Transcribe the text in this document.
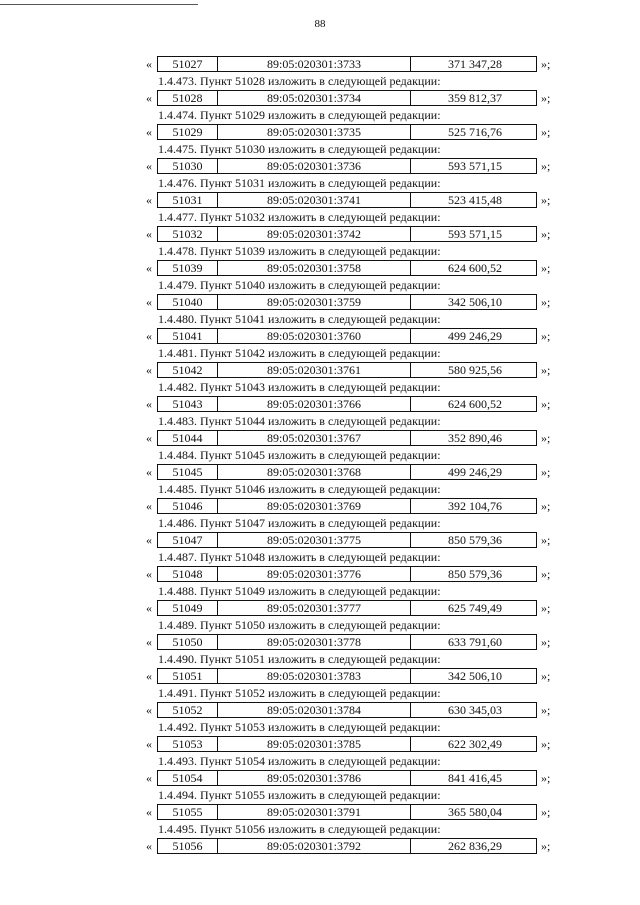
88
«	51027	89:05:020301:3733	371 347,28	»;
1.4.473. Пункт 51028 изложить в следующей редакции:
«	51028	89:05:020301:3734	359 812,37	»;
1.4.474. Пункт 51029 изложить в следующей редакции:
«	51029	89:05:020301:3735	525 716,76	»;
1.4.475. Пункт 51030 изложить в следующей редакции:
«	51030	89:05:020301:3736	593 571,15	»;
1.4.476. Пункт 51031 изложить в следующей редакции:
«	51031	89:05:020301:3741	523 415,48	»;
1.4.477. Пункт 51032 изложить в следующей редакции:
«	51032	89:05:020301:3742	593 571,15	»;
1.4.478. Пункт 51039 изложить в следующей редакции:
«	51039	89:05:020301:3758	624 600,52	»;
1.4.479. Пункт 51040 изложить в следующей редакции:
«	51040	89:05:020301:3759	342 506,10	»;
1.4.480. Пункт 51041 изложить в следующей редакции:
«	51041	89:05:020301:3760	499 246,29	»;
1.4.481. Пункт 51042 изложить в следующей редакции:
«	51042	89:05:020301:3761	580 925,56	»;
1.4.482. Пункт 51043 изложить в следующей редакции:
«	51043	89:05:020301:3766	624 600,52	»;
1.4.483. Пункт 51044 изложить в следующей редакции:
«	51044	89:05:020301:3767	352 890,46	»;
1.4.484. Пункт 51045 изложить в следующей редакции:
«	51045	89:05:020301:3768	499 246,29	»;
1.4.485. Пункт 51046 изложить в следующей редакции:
«	51046	89:05:020301:3769	392 104,76	»;
1.4.486. Пункт 51047 изложить в следующей редакции:
«	51047	89:05:020301:3775	850 579,36	»;
1.4.487. Пункт 51048 изложить в следующей редакции:
«	51048	89:05:020301:3776	850 579,36	»;
1.4.488. Пункт 51049 изложить в следующей редакции:
«	51049	89:05:020301:3777	625 749,49	»;
1.4.489. Пункт 51050 изложить в следующей редакции:
«	51050	89:05:020301:3778	633 791,60	»;
1.4.490. Пункт 51051 изложить в следующей редакции:
«	51051	89:05:020301:3783	342 506,10	»;
1.4.491. Пункт 51052 изложить в следующей редакции:
«	51052	89:05:020301:3784	630 345,03	»;
1.4.492. Пункт 51053 изложить в следующей редакции:
«	51053	89:05:020301:3785	622 302,49	»;
1.4.493. Пункт 51054 изложить в следующей редакции:
«	51054	89:05:020301:3786	841 416,45	»;
1.4.494. Пункт 51055 изложить в следующей редакции:
«	51055	89:05:020301:3791	365 580,04	»;
1.4.495. Пункт 51056 изложить в следующей редакции:
«	51056	89:05:020301:3792	262 836,29	»;
